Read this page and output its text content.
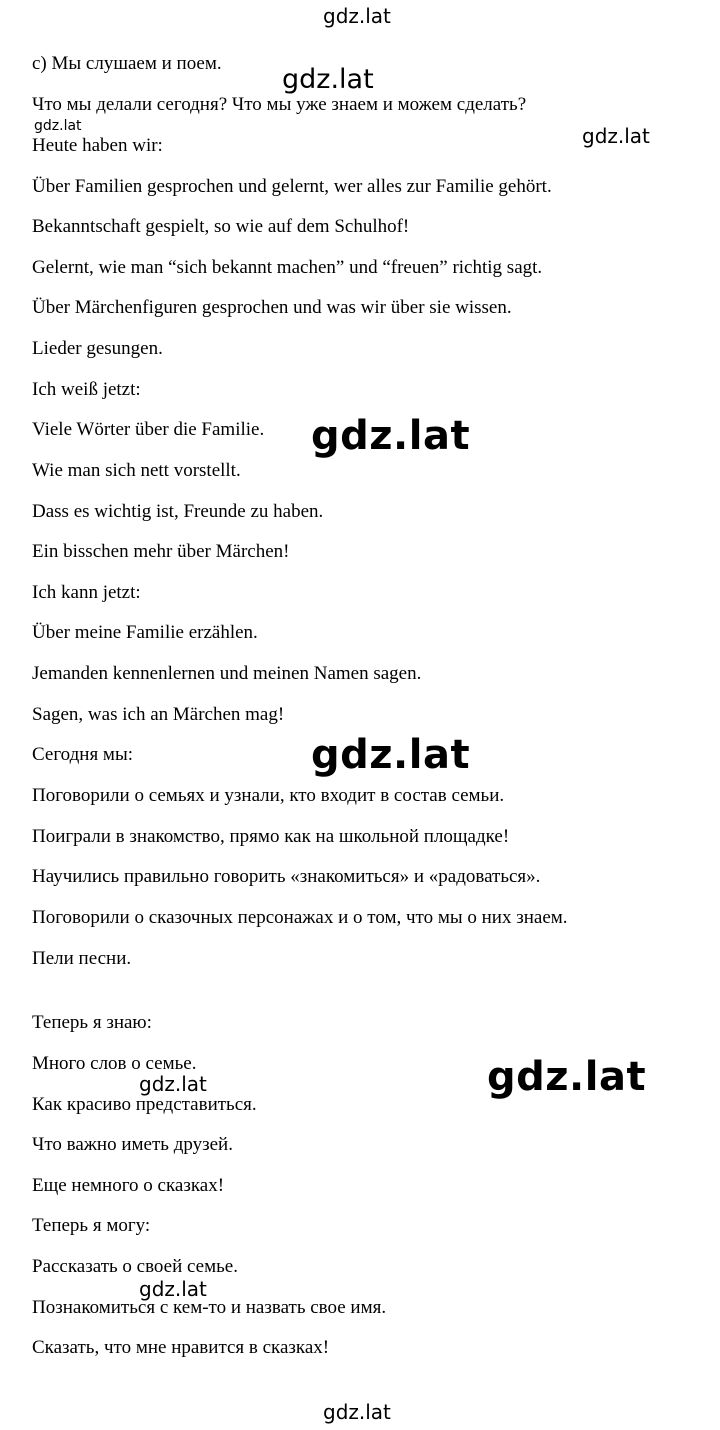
gdz.lat
c) Мы слушаем и поем.
Что мы делали сегодня? Что мы уже знаем и можем сделать?
Heute haben wir:
Über Familien gesprochen und gelernt, wer alles zur Familie gehört.
Bekanntschaft gespielt, so wie auf dem Schulhof!
Gelernt, wie man “sich bekannt machen” und “freuen” richtig sagt.
Über Märchenfiguren gesprochen und was wir über sie wissen.
Lieder gesungen.
Ich weiß jetzt:
Viele Wörter über die Familie.
Wie man sich nett vorstellt.
Dass es wichtig ist, Freunde zu haben.
Ein bisschen mehr über Märchen!
Ich kann jetzt:
Über meine Familie erzählen.
Jemanden kennenlernen und meinen Namen sagen.
Sagen, was ich an Märchen mag!
Сегодня мы:
Поговорили о семьях и узнали, кто входит в состав семьи.
Поиграли в знакомство, прямо как на школьной площадке!
Научились правильно говорить «знакомиться» и «радоваться».
Поговорили о сказочных персонажах и о том, что мы о них знаем.
Пели песни.
Теперь я знаю:
Много слов о семье.
Как красиво представиться.
Что важно иметь друзей.
Еще немного о сказках!
Теперь я могу:
Рассказать о своей семье.
Познакомиться с кем-то и назвать свое имя.
Сказать, что мне нравится в сказках!
gdz.lat
gdz.lat	gdz.lat
gdz.lat
gdz.lat
gdz.lat
gdz.lat
gdz.lat
gdz.lat
